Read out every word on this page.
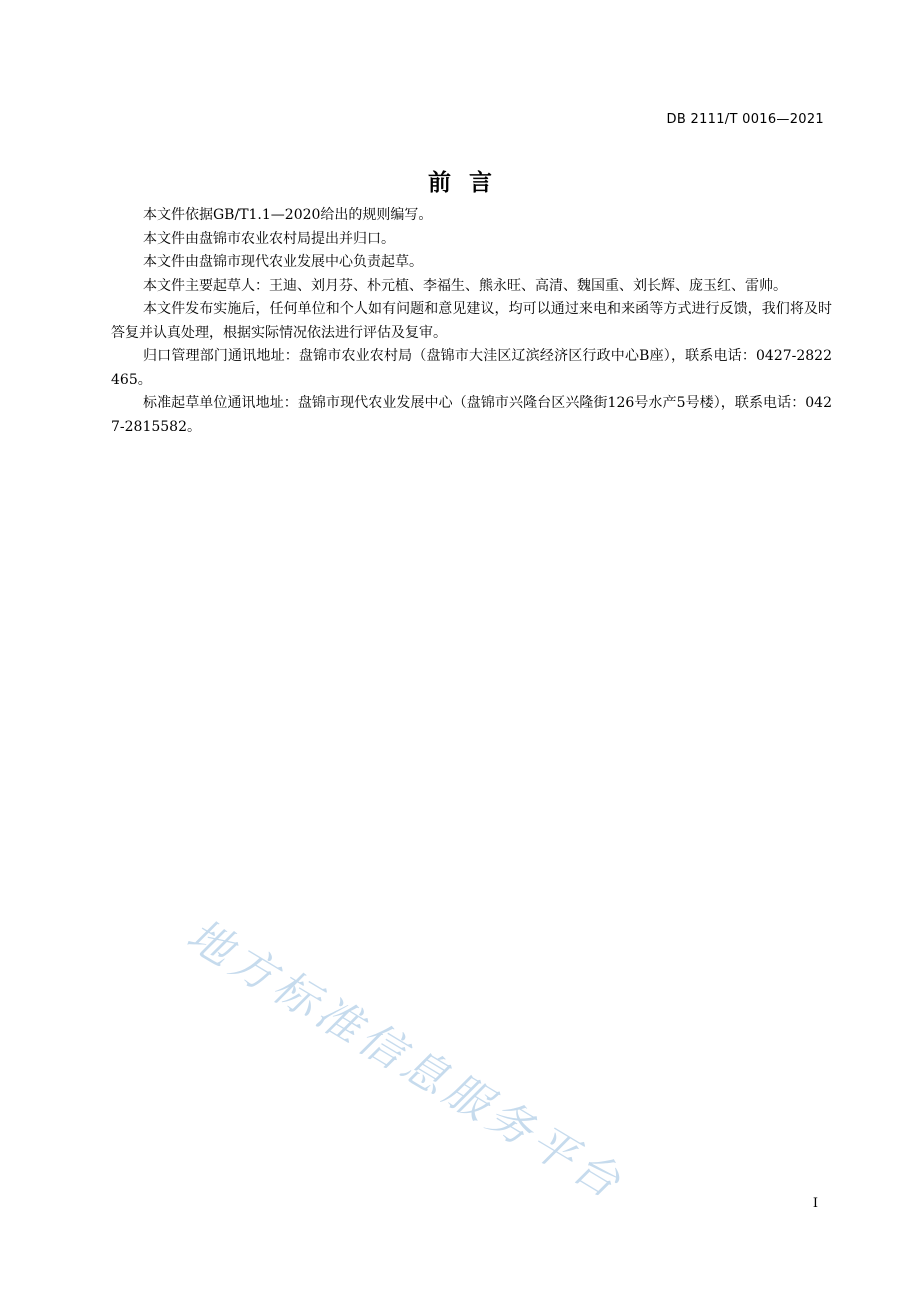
DB 2111/T 0016—2021
前言

本文件依据GB/T1.1—2020给出的规则编写。

本文件由盘锦市农业农村局提出并归口。

本文件由盘锦市现代农业发展中心负责起草。

本文件主要起草人：王迪、刘月芬、朴元植、李福生、熊永旺、高清、魏国重、刘长辉、庞玉红、雷帅。

本文件发布实施后，任何单位和个人如有问题和意见建议，均可以通过来电和来函等方式进行反馈，我们将及时答复并认真处理，根据实际情况依法进行评估及复审。

归口管理部门通讯地址：盘锦市农业农村局（盘锦市大洼区辽滨经济区行政中心B座），联系电话：0427-2822465。

标准起草单位通讯地址：盘锦市现代农业发展中心（盘锦市兴隆台区兴隆街126号水产5号楼），联系电话：0427-2815582。

地方标准信息服务平台	I
